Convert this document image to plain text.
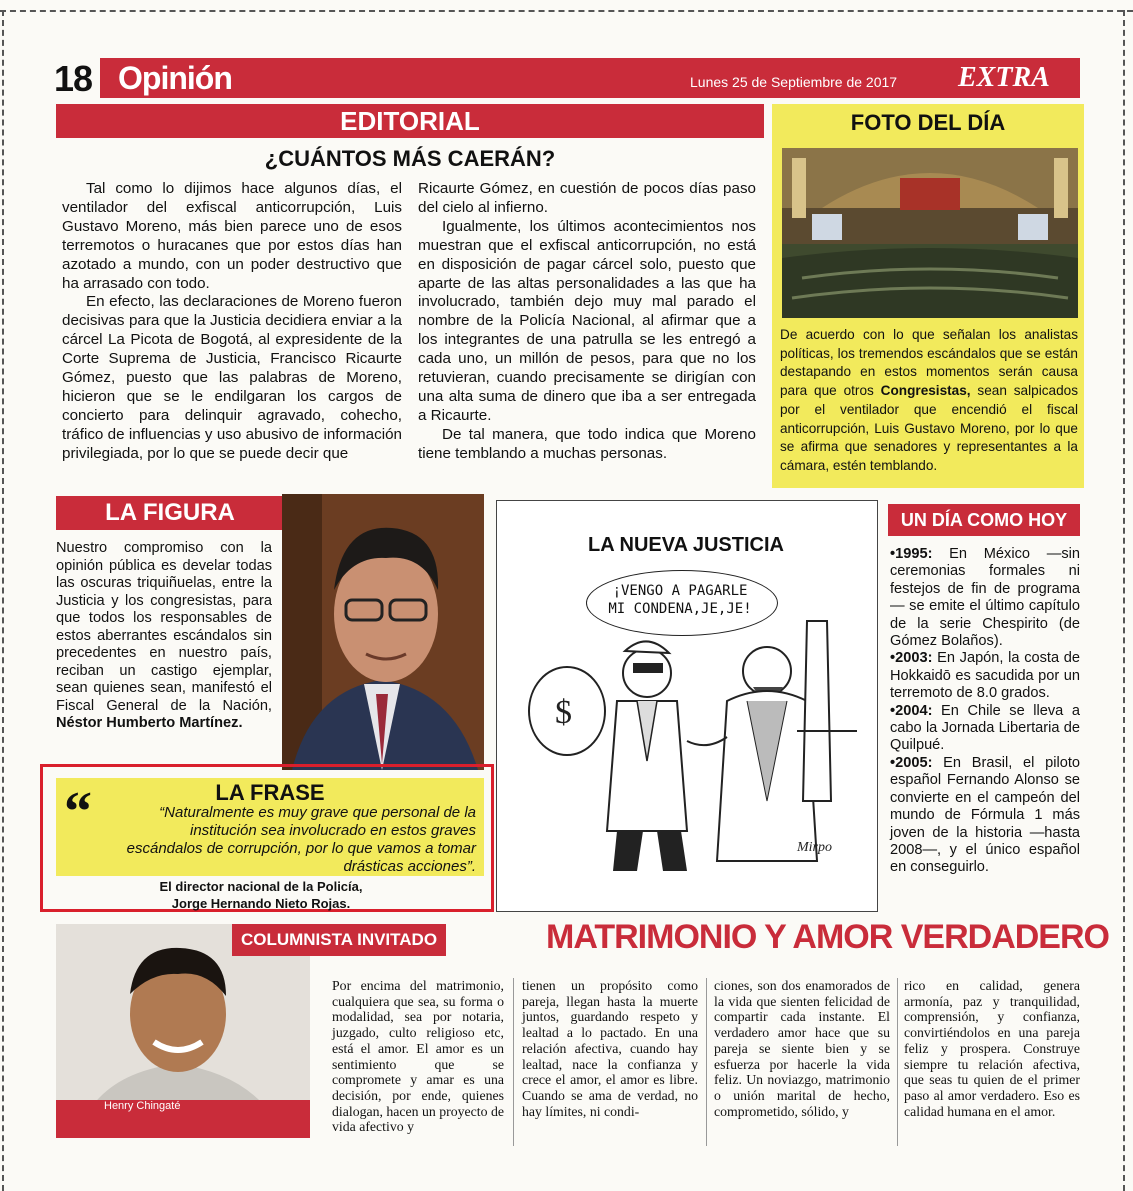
18 Opinión	Lunes 25 de Septiembre de 2017 EXTRA
EDITORIAL
¿CUÁNTOS MÁS CAERÁN?

Tal como lo dijimos hace algunos días, el ventilador del exfiscal anticorrupción, Luis Gustavo Moreno, más bien parece uno de esos terremotos o huracanes que por estos días han azotado a mundo, con un poder destructivo que ha arrasado con todo.

En efecto, las declaraciones de Moreno fueron decisivas para que la Justicia decidiera enviar a la cárcel La Picota de Bogotá, al expresidente de la Corte Suprema de Justicia, Francisco Ricaurte Gómez, puesto que las palabras de Moreno, hicieron que se le endilgaran los cargos de concierto para delinquir agravado, cohecho, tráfico de influencias y uso abusivo de información privilegiada, por lo que se puede decir que

Ricaurte Gómez, en cuestión de pocos días paso del cielo al infierno.

Igualmente, los últimos acontecimientos nos muestran que el exfiscal anticorrupción, no está en disposición de pagar cárcel solo, puesto que aparte de las altas personalidades a las que ha involucrado, también dejo muy mal parado el nombre de la Policía Nacional, al afirmar que a los integrantes de una patrulla se les entregó a cada uno, un millón de pesos, para que no los retuvieran, cuando precisamente se dirigían con una alta suma de dinero que iba a ser entregada a Ricaurte.

De tal manera, que todo indica que Moreno tiene temblando a muchas personas.

FOTO DEL DÍA
De acuerdo con lo que señalan los analistas políticas, los tremendos escándalos que se están destapando en estos momentos serán causa para que otros Congresistas, sean salpicados por el ventilador que encendió el fiscal anticorrupción, Luis Gustavo Moreno, por lo que se afirma que senadores y representantes a la cámara, estén temblando.
LA FIGURA
Nuestro compromiso con la opinión pública es develar todas las oscuras triquiñuelas, entre la Justicia y los congresistas, para que todos los responsables de estos aberrantes escándalos sin precedentes en nuestro país, reciban un castigo ejemplar, sean quienes sean, manifestó el Fiscal General de la Nación, Néstor Humberto Martínez.
“	LA FRASE
“Naturalmente es muy grave que personal de la institución sea involucrado en estos graves escándalos de corrupción, por lo que vamos a tomar drásticas acciones”.
El director nacional de la Policía,
Jorge Hernando Nieto Rojas.
$
Mirpo
LA NUEVA JUSTICIA
¡VENGO A PAGARLE
MI CONDENA,JE,JE!
UN DÍA COMO HOY
•1995: En México —sin ceremonias formales ni festejos de fin de programa— se emite el último capítulo de la serie Chespirito (de Gómez Bolaños).
•2003: En Japón, la costa de Hokkaidō es sacudida por un terremoto de 8.0 grados.
•2004: En Chile se lleva a cabo la Jornada Libertaria de Quilpué.
•2005: En Brasil, el piloto español Fernando Alonso se convierte en el campeón del mundo de Fórmula 1 más joven de la historia —hasta 2008—, y el único español en conseguirlo.
Henry Chingaté
COLUMNISTA INVITADO	MATRIMONIO Y AMOR VERDADERO
Por encima del matrimonio, cualquiera que sea, su forma o modalidad, sea por notaria, juzgado, culto religioso etc, está el amor. El amor es un sentimiento que se compromete y amar es una decisión, por ende, quienes dialogan, hacen un proyecto de vida afectivo y
tienen un propósito como pareja, llegan hasta la muerte juntos, guardando respeto y lealtad a lo pactado. En una relación afectiva, cuando hay lealtad, nace la confianza y crece el amor, el amor es libre. Cuando se ama de verdad, no hay límites, ni condi-
ciones, son dos enamorados de la vida que sienten felicidad de compartir cada instante. El verdadero amor hace que su pareja se siente bien y se esfuerza por hacerle la vida feliz. Un noviazgo, matrimonio o unión marital de hecho, comprometido, sólido, y
rico en calidad, genera armonía, paz y tranquilidad, comprensión, y confianza, convirtiéndolos en una pareja feliz y prospera. Construye siempre tu relación afectiva, que seas tu quien de el primer paso al amor verdadero. Eso es calidad humana en el amor.
